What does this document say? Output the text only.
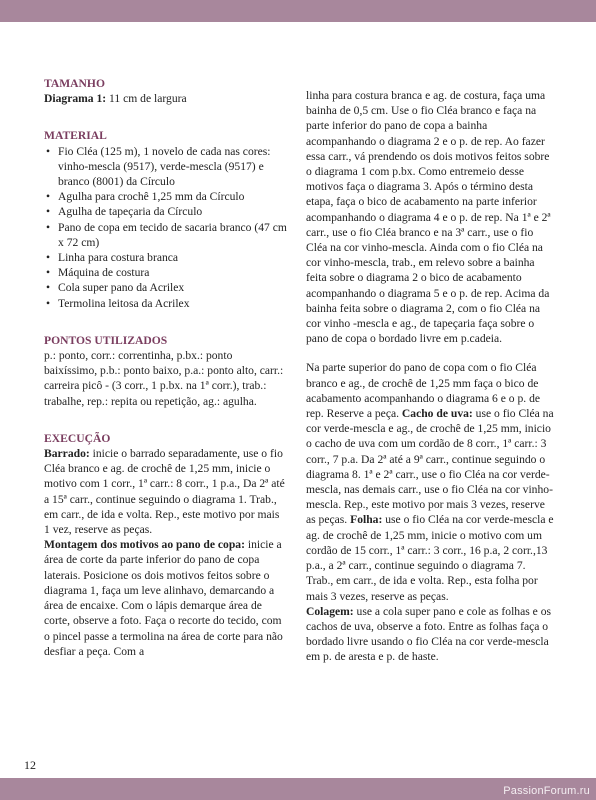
TAMANHO

Diagrama 1: 11 cm de largura

MATERIAL

• Fio Cléa (125 m), 1 novelo de cada nas cores: vinho-mescla (9517), verde-mescla (9517) e branco (8001) da Círculo
• Agulha para crochê 1,25 mm da Círculo
• Agulha de tapeçaria da Círculo
• Pano de copa em tecido de sacaria branco (47 cm x 72 cm)
• Linha para costura branca
• Máquina de costura
• Cola super pano da Acrilex
• Termolina leitosa da Acrilex

PONTOS UTILIZADOS

p.: ponto, corr.: correntinha, p.bx.: ponto baixíssimo, p.b.: ponto baixo, p.a.: ponto alto, carr.: carreira picô - (3 corr., 1 p.bx. na 1ª corr.), trab.: trabalhe, rep.: repita ou repetição, ag.: agulha.

EXECUÇÃO

Barrado: inicie o barrado separadamente, use o fio Cléa branco e ag. de crochê de 1,25 mm, inicie o motivo com 1 corr., 1ª carr.: 8 corr., 1 p.a., Da 2ª até a 15ª carr., continue seguindo o diagrama 1. Trab., em carr., de ida e volta. Rep., este motivo por mais 1 vez, reserve as peças.

Montagem dos motivos ao pano de copa: inicie a área de corte da parte inferior do pano de copa laterais. Posicione os dois motivos feitos sobre o diagrama 1, faça um leve alinhavo, demarcando a área de encaixe. Com o lápis demarque área de corte, observe a foto. Faça o recorte do tecido, com o pincel passe a termolina na área de corte para não desfiar a peça. Com a

linha para costura branca e ag. de costura, faça uma bainha de 0,5 cm. Use o fio Cléa branco e faça na parte inferior do pano de copa a bainha acompanhando o diagrama 2 e o p. de rep. Ao fazer essa carr., vá prendendo os dois motivos feitos sobre o diagrama 1 com p.bx. Como entremeio desse motivos faça o diagrama 3. Após o término desta etapa, faça o bico de acabamento na parte inferior acompanhando o diagrama 4 e o p. de rep. Na 1ª e 2ª carr., use o fio Cléa branco e na 3ª carr., use o fio Cléa na cor vinho-mescla. Ainda com o fio Cléa na cor vinho-mescla, trab., em relevo sobre a bainha feita sobre o diagrama 2 o bico de acabamento acompanhando o diagrama 5 e o p. de rep. Acima da bainha feita sobre o diagrama 2, com o fio Cléa na cor vinho -mescla e ag., de tapeçaria faça sobre o pano de copa o bordado livre em p.cadeia.

Na parte superior do pano de copa com o fio Cléa branco e ag., de crochê de 1,25 mm faça o bico de acabamento acompanhando o diagrama 6 e o p. de rep. Reserve a peça. Cacho de uva: use o fio Cléa na cor verde-mescla e ag., de crochê de 1,25 mm, inicio o cacho de uva com um cordão de 8 corr., 1ª carr.: 3 corr., 7 p.a. Da 2ª até a 9ª carr., continue seguindo o diagrama 8. 1ª e 2ª carr., use o fio Cléa na cor verde-mescla, nas demais carr., use o fio Cléa na cor vinho-mescla. Rep., este motivo por mais 3 vezes, reserve as peças. Folha: use o fio Cléa na cor verde-mescla e ag. de crochê de 1,25 mm, inicie o motivo com um cordão de 15 corr., 1ª carr.: 3 corr., 16 p.a, 2 corr.,13 p.a., a 2ª carr., continue seguindo o diagrama 7. Trab., em carr., de ida e volta. Rep., esta folha por mais 3 vezes, reserve as peças.

Colagem: use a cola super pano e cole as folhas e os cachos de uva, observe a foto. Entre as folhas faça o bordado livre usando o fio Cléa na cor verde-mescla em p. de aresta e p. de haste.

12
PassionForum.ru
